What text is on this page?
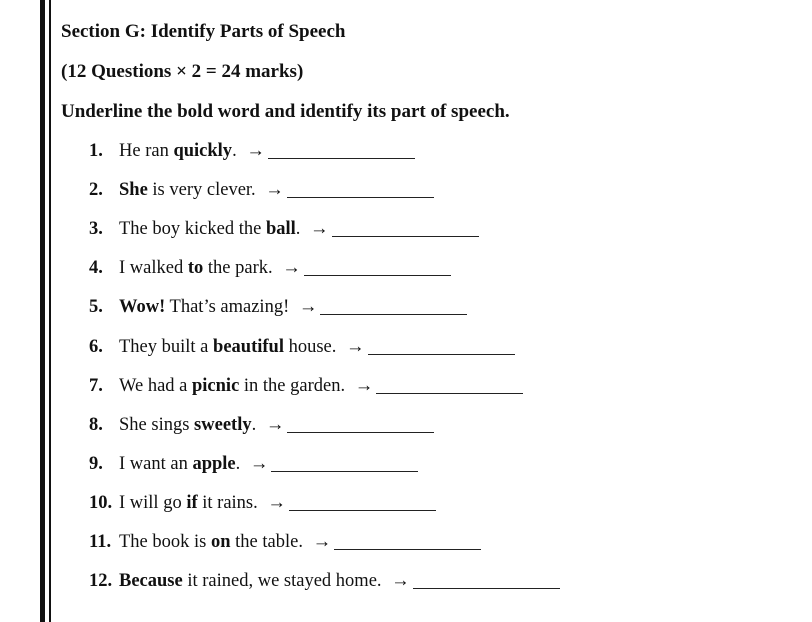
Section G: Identify Parts of Speech
(12 Questions × 2 = 24 marks)
Underline the bold word and identify its part of speech.
1. He ran quickly. →
2. She is very clever. →
3. The boy kicked the ball. →
4. I walked to the park. →
5. Wow! That’s amazing! →
6. They built a beautiful house. →
7. We had a picnic in the garden. →
8. She sings sweetly. →
9. I want an apple. →
10. I will go if it rains. →
11. The book is on the table. →
12. Because it rained, we stayed home. →
